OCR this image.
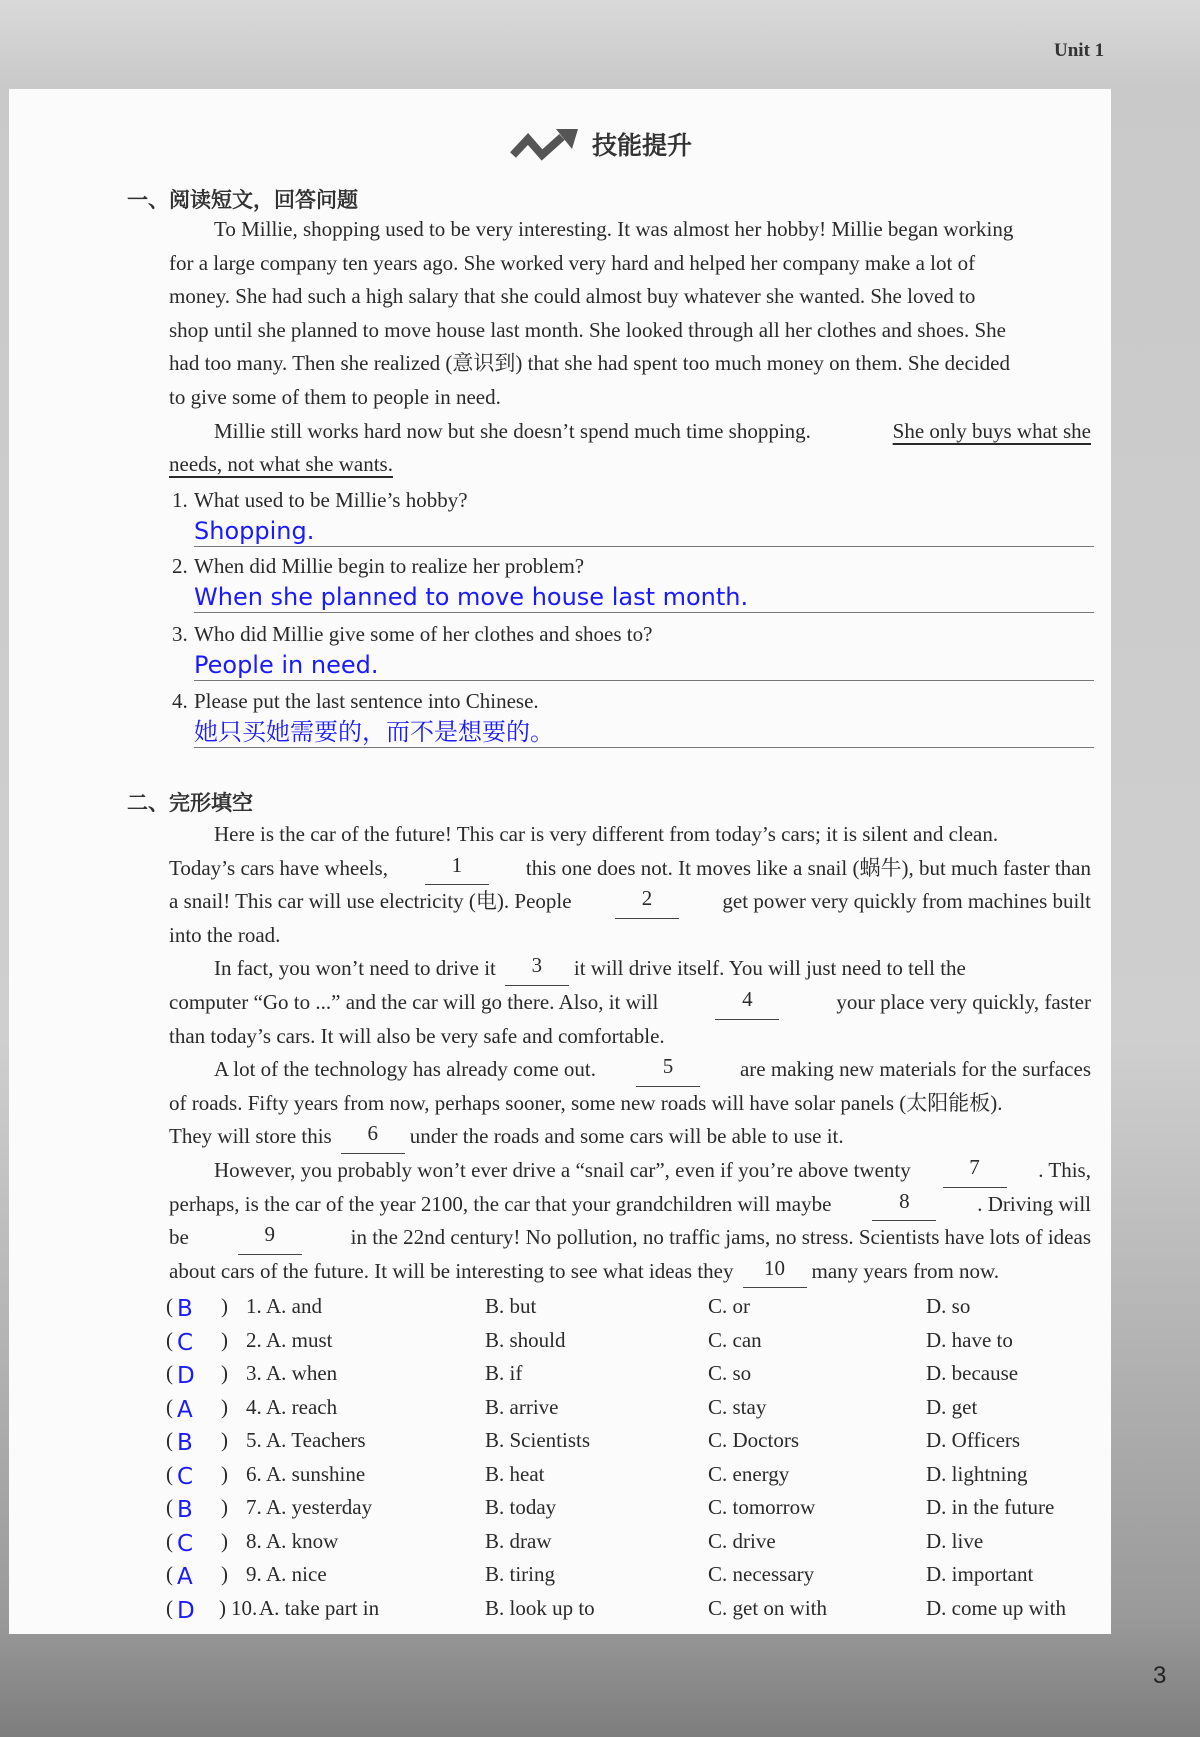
Unit 1
3
技能提升
一、阅读短文，回答问题
To Millie, shopping used to be very interesting. It was almost her hobby! Millie began working
for a large company ten years ago. She worked very hard and helped her company make a lot of
money. She had such a high salary that she could almost buy whatever she wanted. She loved to
shop until she planned to move house last month. She looked through all her clothes and shoes. She
had too many. Then she realized (意识到) that she had spent too much money on them. She decided
to give some of them to people in need.
Millie still works hard now but she doesn’t spend much time shopping.	She only buys what she
needs, not what she wants.
1. What used to be Millie’s hobby?
Shopping.
2. When did Millie begin to realize her problem?
When she planned to move house last month.
3. Who did Millie give some of her clothes and shoes to?
People in need.
4. Please put the last sentence into Chinese.
她只买她需要的，而不是想要的。
二、完形填空
Here is the car of the future! This car is very different from today’s cars; it is silent and clean.
Today’s cars have wheels,	1	this one does not. It moves like a snail (蜗牛), but much faster than
a snail! This car will use electricity (电). People	2	get power very quickly from machines built
into the road.
In fact, you won’t need to drive it	3	it will drive itself. You will just need to tell the
computer “Go to ...” and the car will go there. Also, it will	4	your place very quickly, faster
than today’s cars. It will also be very safe and comfortable.
A lot of the technology has already come out.	5	are making new materials for the surfaces
of roads. Fifty years from now, perhaps sooner, some new roads will have solar panels (太阳能板).
They will store this	6	under the roads and some cars will be able to use it.
However, you probably won’t ever drive a “snail car”, even if you’re above twenty	7	. This,
perhaps, is the car of the year 2100, the car that your grandchildren will maybe	8	. Driving will
be	9	in the 22nd century! No pollution, no traffic jams, no stress. Scientists have lots of ideas
about cars of the future. It will be interesting to see what ideas they	10	many years from now.
( B ) 1. A. and	B. but	C. or	D. so
( C ) 2. A. must	B. should	C. can	D. have to
( D ) 3. A. when	B. if	C. so	D. because
( A ) 4. A. reach	B. arrive	C. stay	D. get
( B ) 5. A. Teachers	B. Scientists	C. Doctors	D. Officers
( C ) 6. A. sunshine	B. heat	C. energy	D. lightning
( B ) 7. A. yesterday	B. today	C. tomorrow	D. in the future
( C ) 8. A. know	B. draw	C. drive	D. live
( A ) 9. A. nice	B. tiring	C. necessary	D. important
( D ) 10. A. take part in	B. look up to	C. get on with	D. come up with
